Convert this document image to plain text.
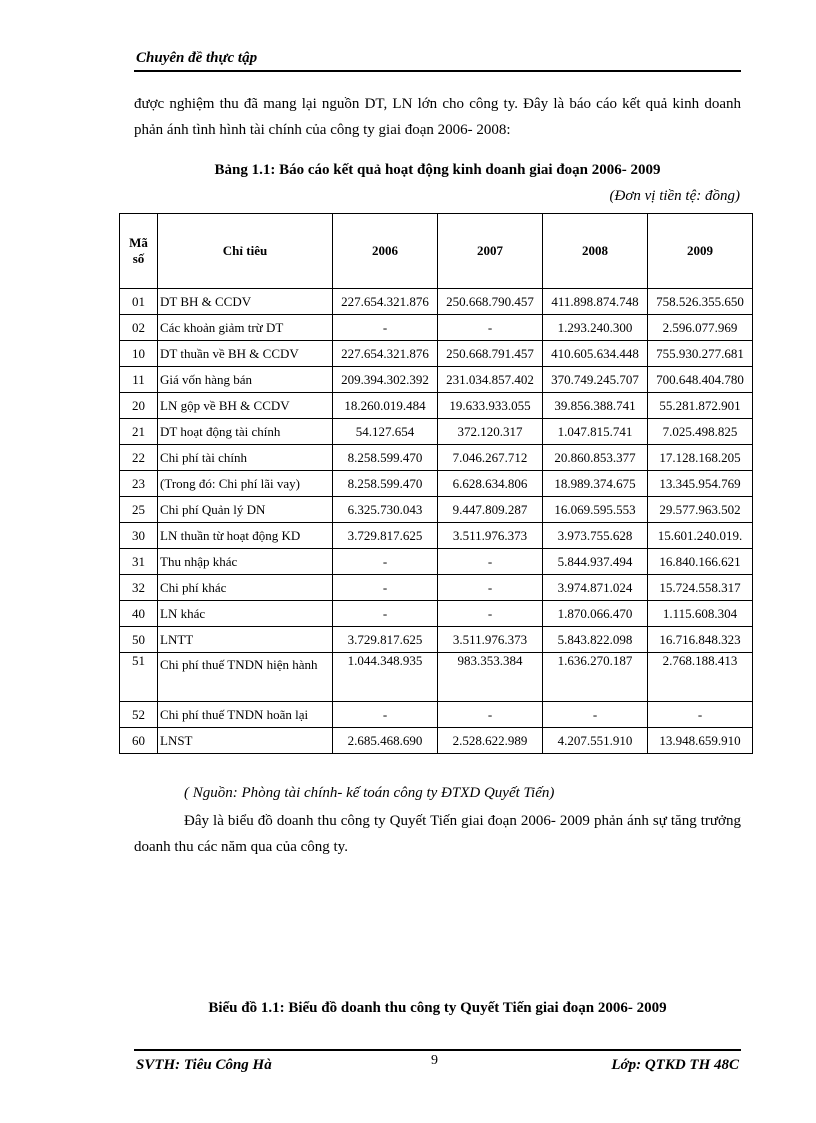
Chuyên đề thực tập
được nghiệm thu đã mang lại nguồn DT, LN lớn cho công ty. Đây là báo cáo kết quả kinh doanh phản ánh tình hình tài chính của công ty giai đoạn 2006- 2008:
Bảng 1.1: Báo cáo kết quả hoạt động kinh doanh giai đoạn 2006- 2009
(Đơn vị tiền tệ: đồng)
Mã số	Chỉ tiêu	2006	2007	2008	2009
01	DT BH & CCDV	227.654.321.876	250.668.790.457	411.898.874.748	758.526.355.650
02	Các khoản giảm trừ DT	-	-	1.293.240.300	2.596.077.969
10	DT thuần về BH & CCDV	227.654.321.876	250.668.791.457	410.605.634.448	755.930.277.681
11	Giá vốn hàng bán	209.394.302.392	231.034.857.402	370.749.245.707	700.648.404.780
20	LN gộp về BH & CCDV	18.260.019.484	19.633.933.055	39.856.388.741	55.281.872.901
21	DT hoạt động tài chính	54.127.654	372.120.317	1.047.815.741	7.025.498.825
22	Chi phí tài chính	8.258.599.470	7.046.267.712	20.860.853.377	17.128.168.205
23	(Trong đó: Chi phí lãi vay)	8.258.599.470	6.628.634.806	18.989.374.675	13.345.954.769
25	Chi phí Quản lý DN	6.325.730.043	9.447.809.287	16.069.595.553	29.577.963.502
30	LN thuần từ hoạt động KD	3.729.817.625	3.511.976.373	3.973.755.628	15.601.240.019.
31	Thu nhập khác	-	-	5.844.937.494	16.840.166.621
32	Chi phí khác	-	-	3.974.871.024	15.724.558.317
40	LN khác	-	-	1.870.066.470	1.115.608.304
50	LNTT	3.729.817.625	3.511.976.373	5.843.822.098	16.716.848.323
51	Chi phí thuế TNDN hiện hành	1.044.348.935	983.353.384	1.636.270.187	2.768.188.413
52	Chi phí thuế TNDN hoãn lại	-	-	-	-
60	LNST	2.685.468.690	2.528.622.989	4.207.551.910	13.948.659.910
( Nguồn: Phòng tài chính- kế toán công ty ĐTXD Quyết Tiến)
Đây là biểu đồ doanh thu công ty Quyết Tiến giai đoạn 2006- 2009 phản ánh sự tăng trưởng doanh thu các năm qua của công ty.
Biểu đồ 1.1: Biểu đồ doanh thu công ty Quyết Tiến giai đoạn 2006- 2009
SVTH: Tiêu Công Hà	9	Lớp: QTKD TH 48C
